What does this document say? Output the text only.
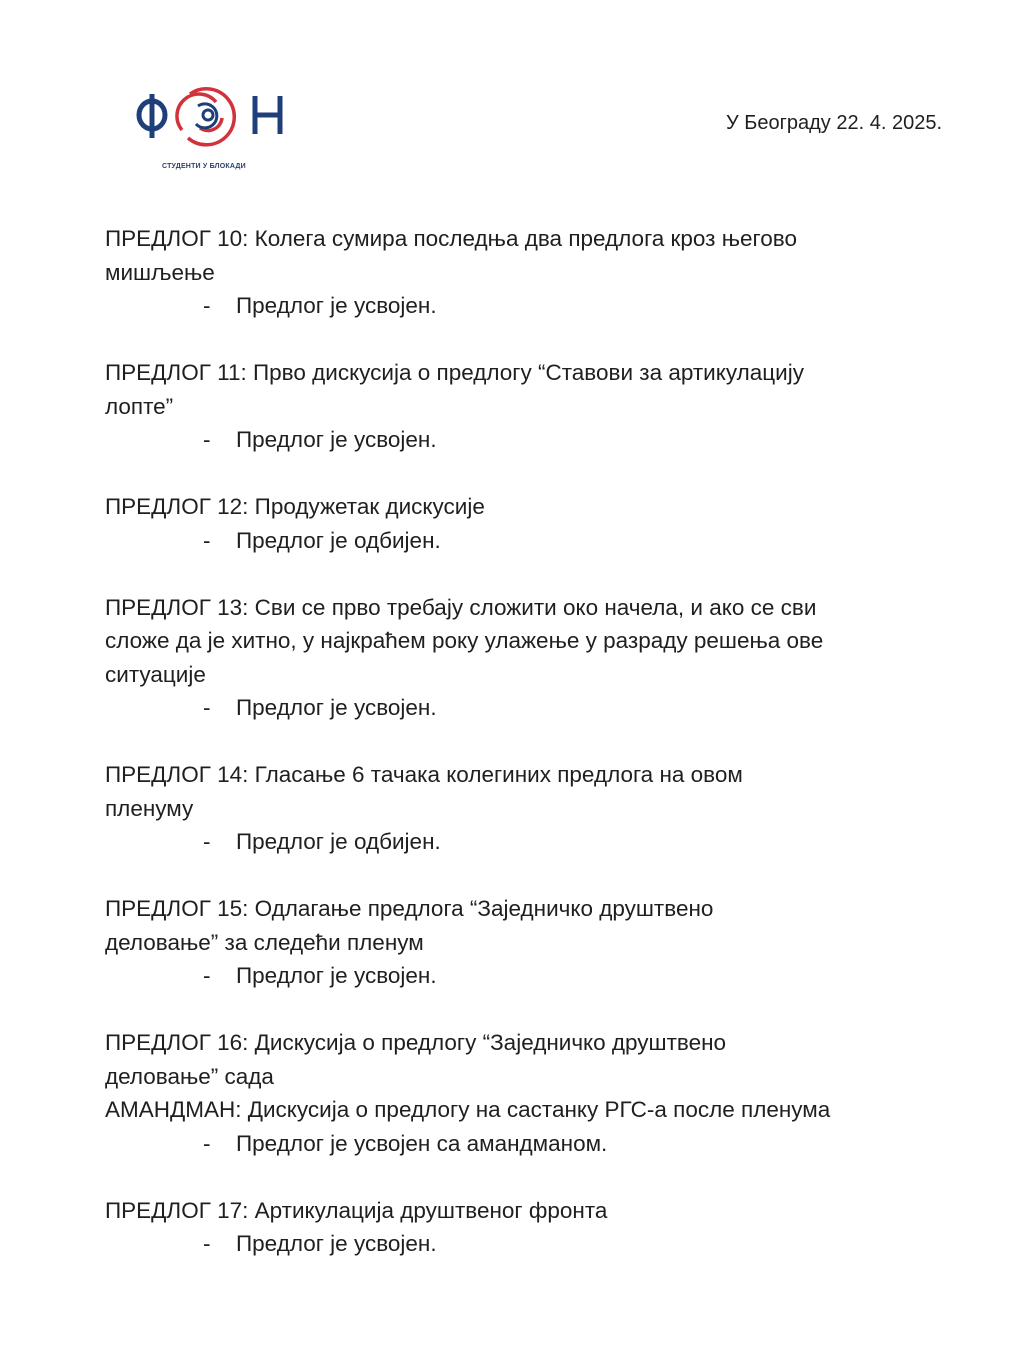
СТУДЕНТИ У БЛОКАДИ
У Београду 22. 4. 2025.
ПРЕДЛОГ 10: Колега сумира последња два предлога кроз његово
мишљење
- Предлог је усвојен.
ПРЕДЛОГ 11: Прво дискусија о предлогу “Ставови за артикулацију
лопте”
- Предлог је усвојен.
ПРЕДЛОГ 12: Продужетак дискусије
- Предлог је одбијен.
ПРЕДЛОГ 13: Сви се прво требају сложити око начела, и ако се сви
сложе да је хитно, у најкраћем року улажење у разраду решења ове
ситуације
- Предлог је усвојен.
ПРЕДЛОГ 14: Гласање 6 тачака колегиних предлога на овом
пленуму
- Предлог је одбијен.
ПРЕДЛОГ 15: Одлагање предлога “Заједничко друштвено
деловање” за следећи пленум
- Предлог је усвојен.
ПРЕДЛОГ 16: Дискусија о предлогу “Заједничко друштвено
деловање” сада
АМАНДМАН: Дискусија о предлогу на састанку РГС-а после пленума
- Предлог је усвојен са амандманом.
ПРЕДЛОГ 17: Артикулација друштвеног фронта
- Предлог је усвојен.
